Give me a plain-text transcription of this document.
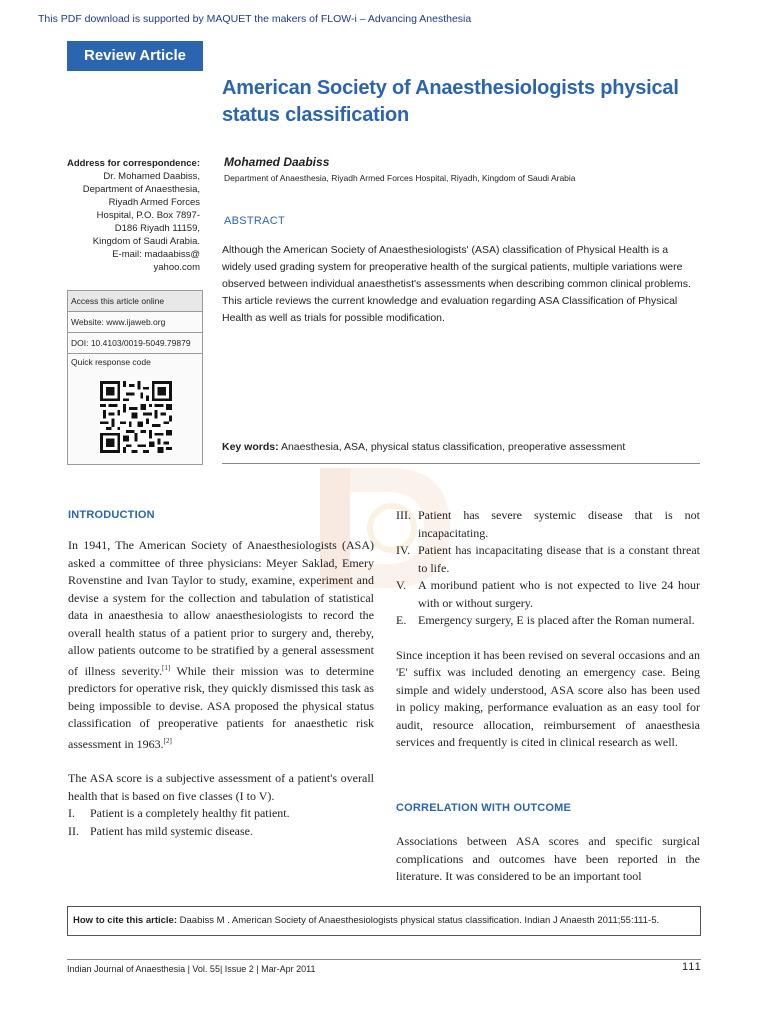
This PDF download is supported by MAQUET the makers of FLOW-i – Advancing Anesthesia
Review Article
American Society of Anaesthesiologists physical status classification
Address for correspondence:
Dr. Mohamed Daabiss,
Department of Anaesthesia,
Riyadh Armed Forces
Hospital, P.O. Box 7897-
D186 Riyadh 11159,
Kingdom of Saudi Arabia.
E-mail: madaabiss@
yahoo.com
Access this article online
Website: www.ijaweb.org
DOI: 10.4103/0019-5049.79879
Quick response code
Mohamed Daabiss
Department of Anaesthesia, Riyadh Armed Forces Hospital, Riyadh, Kingdom of Saudi Arabia
ABSTRACT
Although the American Society of Anaesthesiologists' (ASA) classification of Physical Health is a widely used grading system for preoperative health of the surgical patients, multiple variations were observed between individual anaesthetist's assessments when describing common clinical problems. This article reviews the current knowledge and evaluation regarding ASA Classification of Physical Health as well as trials for possible modification.
Key words: Anaesthesia, ASA, physical status classification, preoperative assessment
INTRODUCTION

In 1941, The American Society of Anaesthesiologists (ASA) asked a committee of three physicians: Meyer Saklad, Emery Rovenstine and Ivan Taylor to study, examine, experiment and devise a system for the collection and tabulation of statistical data in anaesthesia to allow anaesthesiologists to record the overall health status of a patient prior to surgery and, thereby, allow patients outcome to be stratified by a general assessment of illness severity.[1] While their mission was to determine predictors for operative risk, they quickly dismissed this task as being impossible to devise. ASA proposed the physical status classification of preoperative patients for anaesthetic risk assessment in 1963.[2]

The ASA score is a subjective assessment of a patient's overall health that is based on five classes (I to V).

I.	Patient is a completely healthy fit patient.
II. Patient has mild systemic disease.
III. Patient has severe systemic disease that is not incapacitating.
IV. Patient has incapacitating disease that is a constant threat to life.
V. A moribund patient who is not expected to live 24 hour with or without surgery.
E. Emergency surgery, E is placed after the Roman numeral.

Since inception it has been revised on several occasions and an 'E' suffix was included denoting an emergency case. Being simple and widely understood, ASA score also has been used in policy making, performance evaluation as an easy tool for audit, resource allocation, reimbursement of anaesthesia services and frequently is cited in clinical research as well.

CORRELATION WITH OUTCOME
Associations between ASA scores and specific surgical complications and outcomes have been reported in the literature. It was considered to be an important tool
How to cite this article: Daabiss M . American Society of Anaesthesiologists physical status classification. Indian J Anaesth 2011;55:111-5.
Indian Journal of Anaesthesia | Vol. 55| Issue 2 | Mar-Apr 2011	111
